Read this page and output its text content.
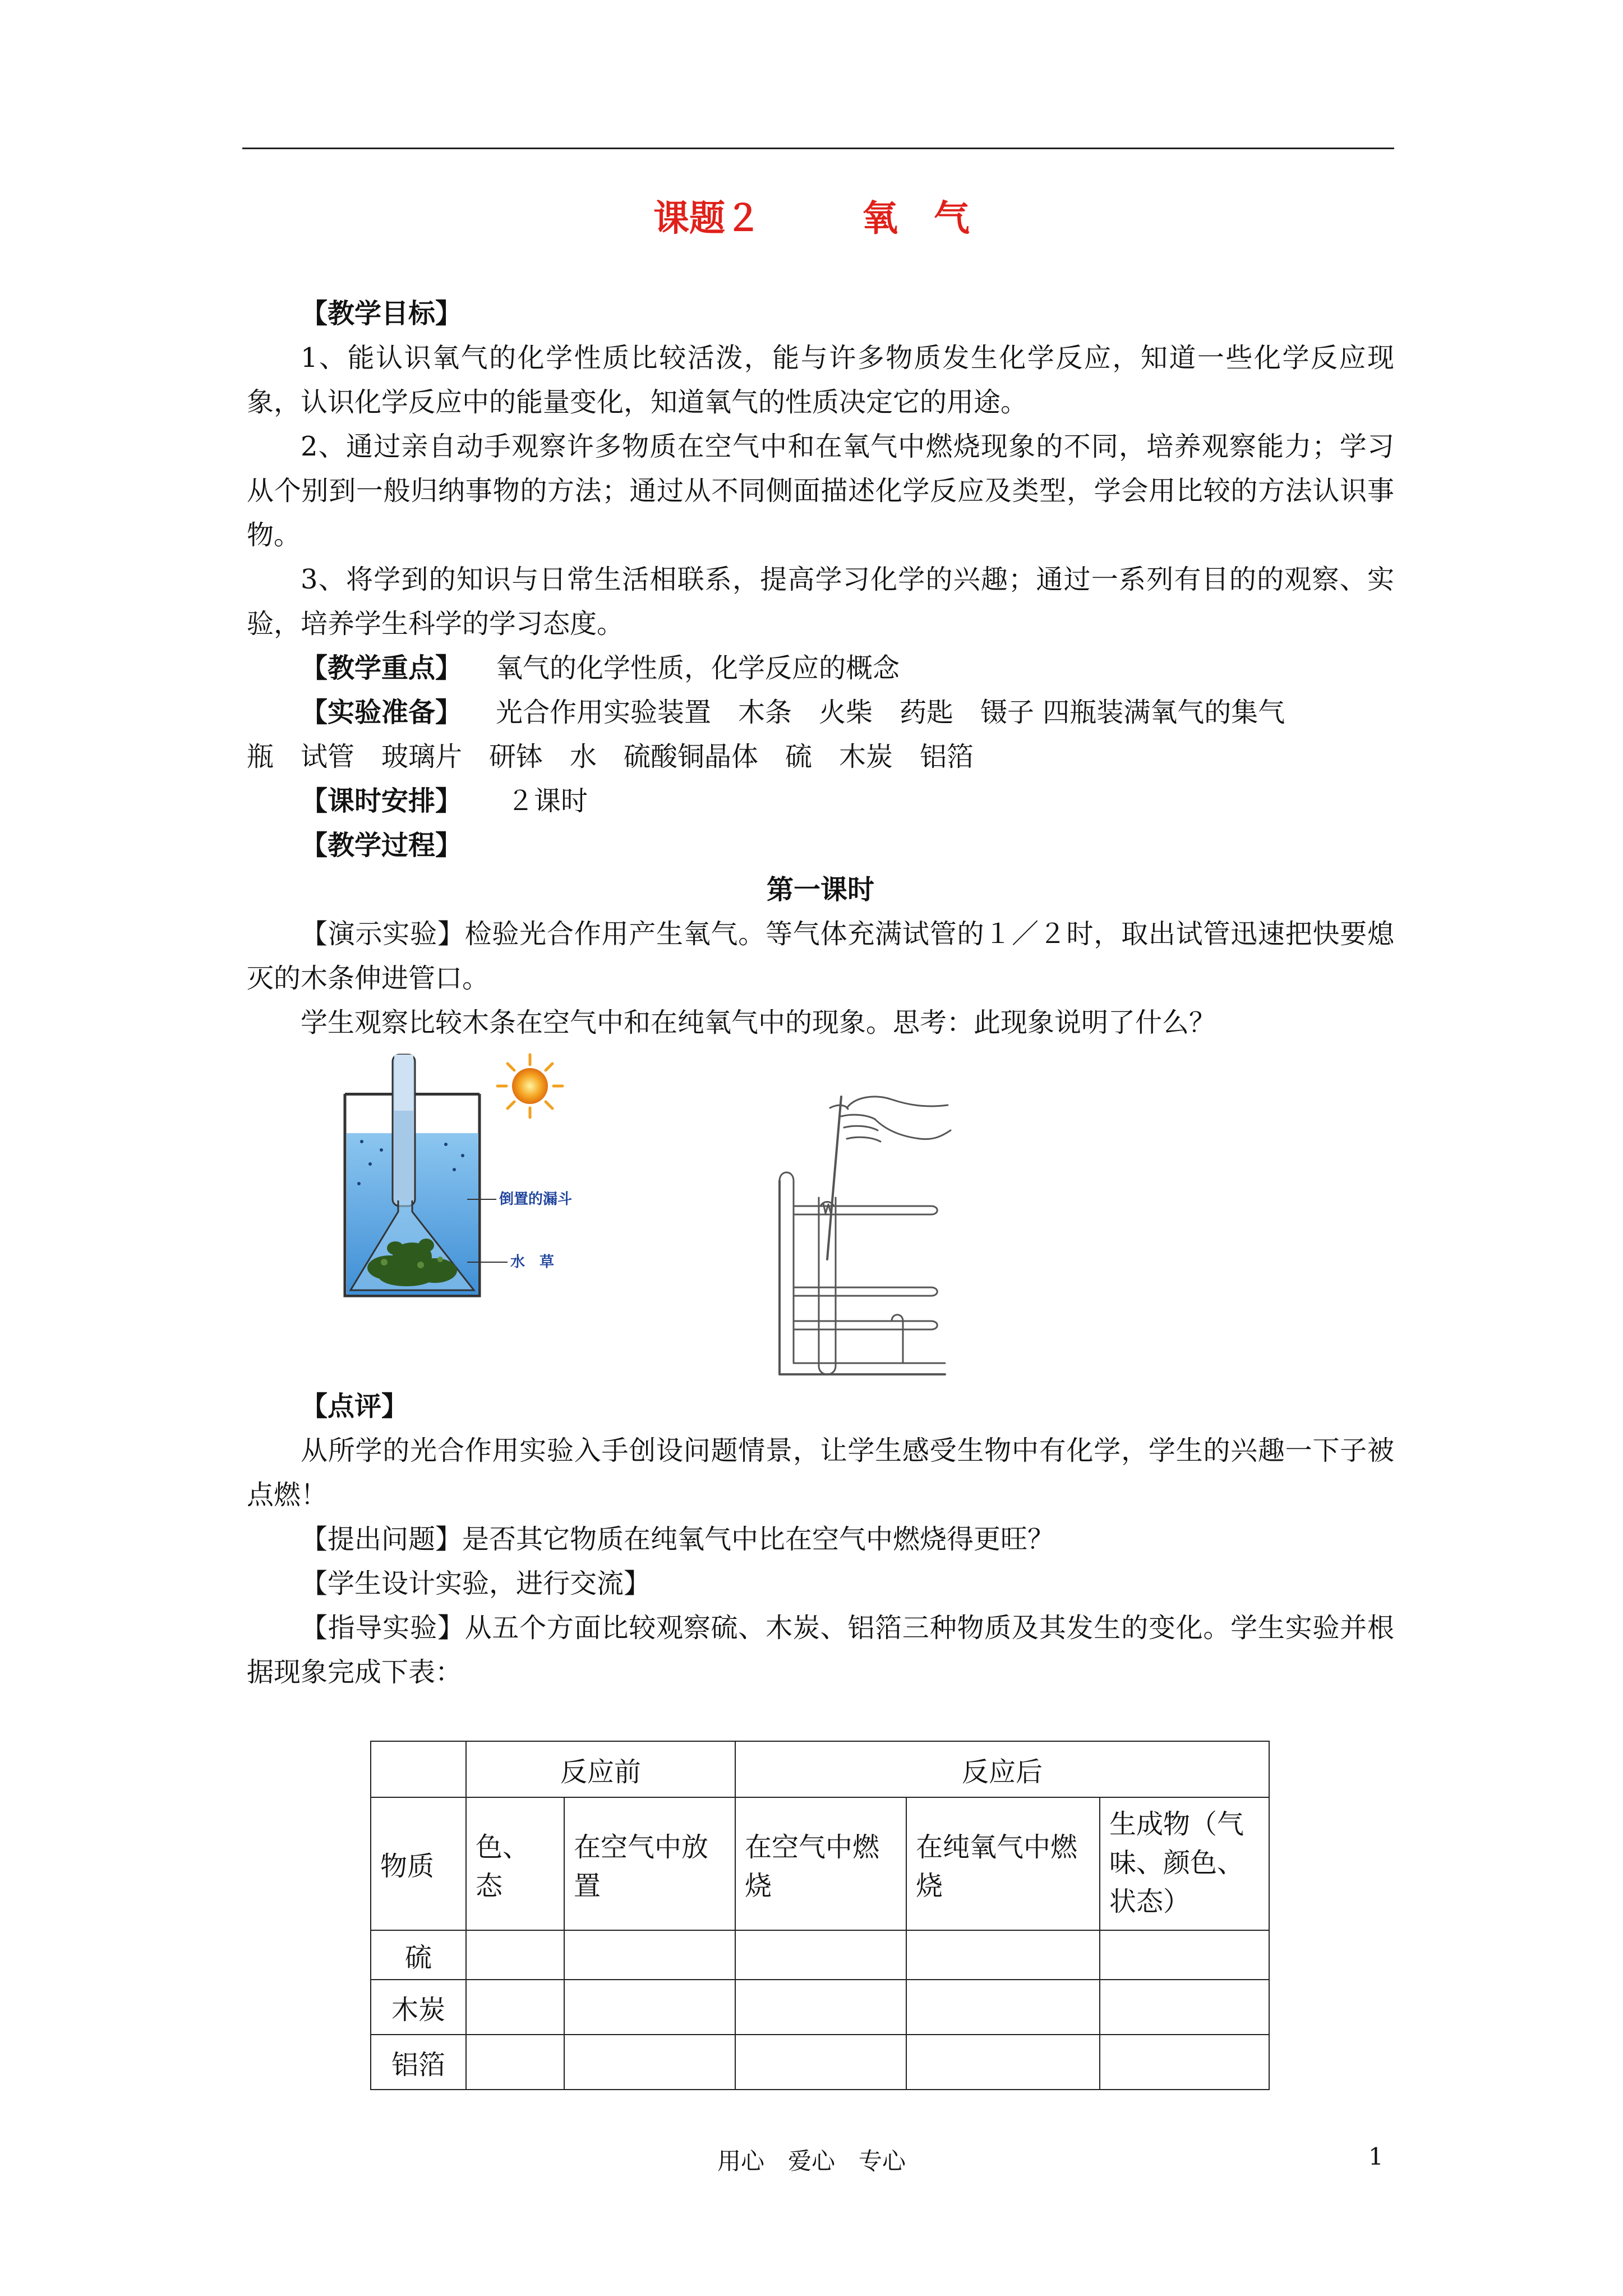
课题２	氧　气

【教学目标】

1、能认识氧气的化学性质比较活泼，能与许多物质发生化学反应，知道一些化学反应现象，认识化学反应中的能量变化，知道氧气的性质决定它的用途。

2、通过亲自动手观察许多物质在空气中和在氧气中燃烧现象的不同，培养观察能力；学习从个别到一般归纳事物的方法；通过从不同侧面描述化学反应及类型，学会用比较的方法认识事物。

3、将学到的知识与日常生活相联系，提高学习化学的兴趣；通过一系列有目的的观察、实验，培养学生科学的学习态度。

【教学重点】 氧气的化学性质，化学反应的概念

【实验准备】 光合作用实验装置　木条　火柴　药匙　镊子 四瓶装满氧气的集气

瓶　试管　玻璃片　研钵　水　硫酸铜晶体　硫　木炭　铝箔

【课时安排】 ２课时

【教学过程】

第一课时

【演示实验】检验光合作用产生氧气。等气体充满试管的１／２时，取出试管迅速把快要熄灭的木条伸进管口。

学生观察比较木条在空气中和在纯氧气中的现象。思考：此现象说明了什么？

倒置的漏斗
水　草

【点评】

从所学的光合作用实验入手创设问题情景，让学生感受生物中有化学，学生的兴趣一下子被点燃！

【提出问题】是否其它物质在纯氧气中比在空气中燃烧得更旺？

【学生设计实验，进行交流】

【指导实验】从五个方面比较观察硫、木炭、铝箔三种物质及其发生的变化。学生实验并根据现象完成下表：

	反应前		反应后		
物质	色、态	在空气中放置	在空气中燃烧	在纯氧气中燃烧	生成物（气味、颜色、状态）
硫					
木炭					
铝箔					
用心　爱心　专心	1
